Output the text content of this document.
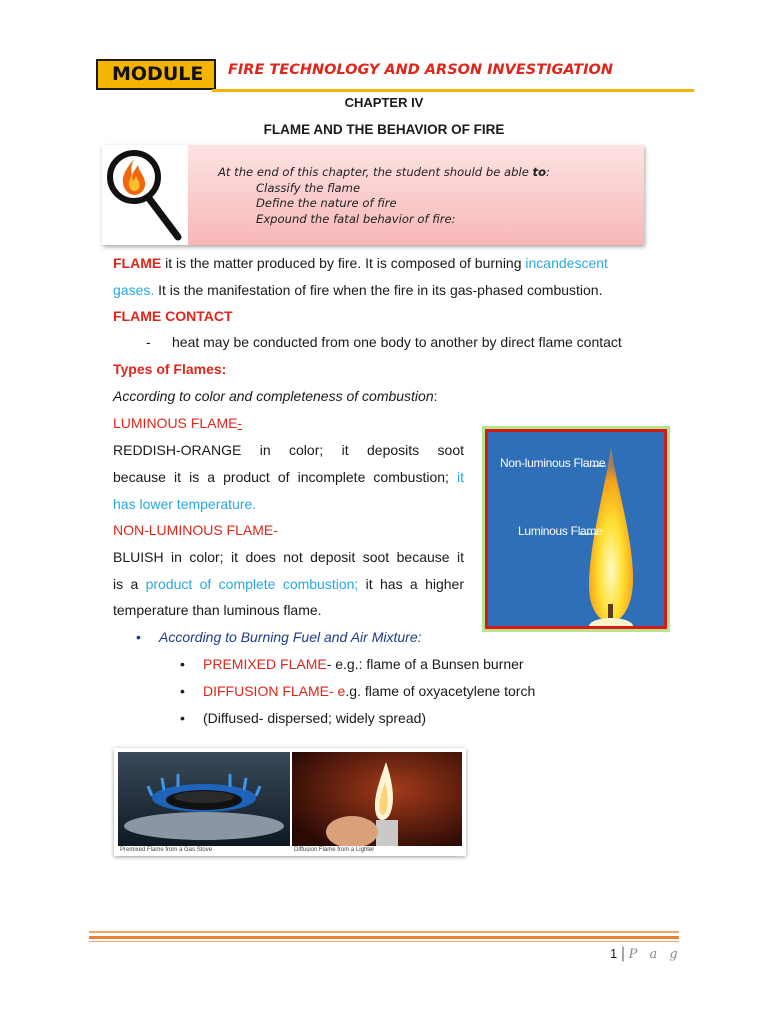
MODULE	FIRE TECHNOLOGY AND ARSON INVESTIGATION
CHAPTER IV
FLAME AND THE BEHAVIOR OF FIRE
At the end of this chapter, the student should be able to:
Classify the flame
Define the nature of fire
Expound the fatal behavior of fire:
FLAME it is the matter produced by fire. It is composed of burning incandescent
gases. It is the manifestation of fire when the fire in its gas-phased combustion.
FLAME CONTACT
- heat may be conducted from one body to another by direct flame contact
Types of Flames:
According to color and completeness of combustion:
LUMINOUS FLAME-
REDDISH-ORANGE in color; it deposits soot
because it is a product of incomplete combustion; it
has lower temperature.
NON-LUMINOUS FLAME-
BLUISH in color; it does not deposit soot because it
is a product of complete combustion; it has a higher
temperature than luminous flame.
Non-luminous Flame
Luminous Flame
• According to Burning Fuel and Air Mixture:
• PREMIXED FLAME- e.g.: flame of a Bunsen burner
• DIFFUSION FLAME- e.g. flame of oxyacetylene torch
• (Diffused- dispersed; widely spread)
Premixed Flame from a Gas Stove	Diffusion Flame from a Lighter
1 | P a g
